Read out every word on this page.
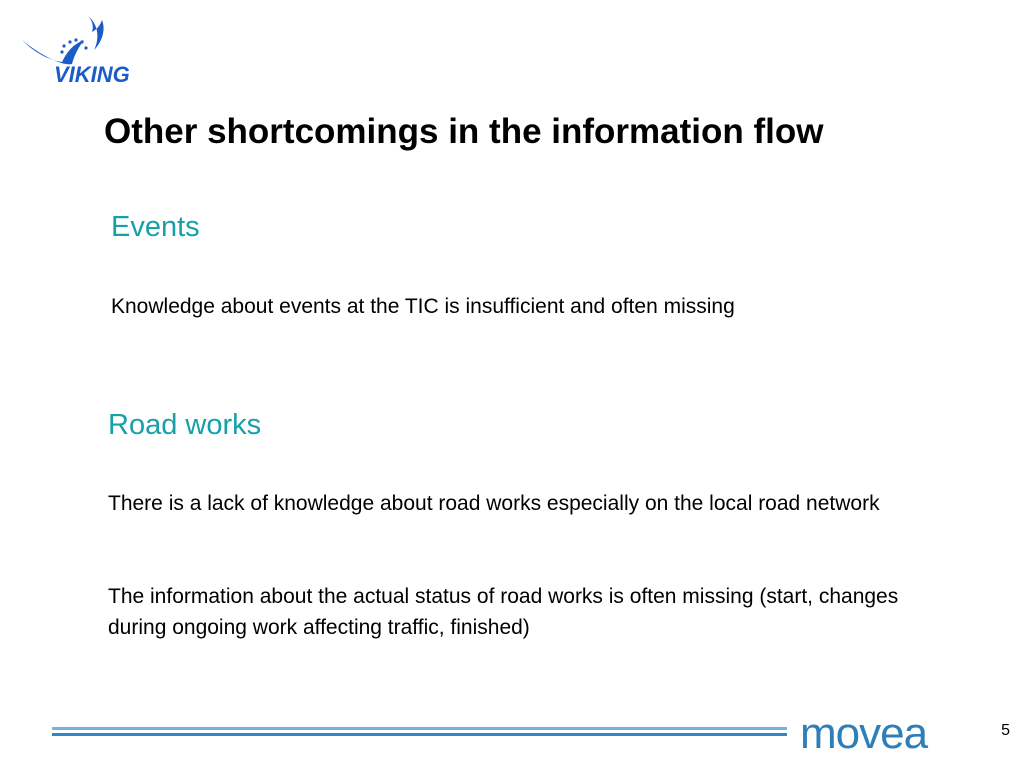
VIKING
Other shortcomings in the information flow
Events
Knowledge about events at the TIC is insufficient and often missing
Road works
There is a lack of knowledge about road works especially on the local road network
The information about the actual status of road works is often missing (start, changes during ongoing work affecting traffic, finished)
movea	5
